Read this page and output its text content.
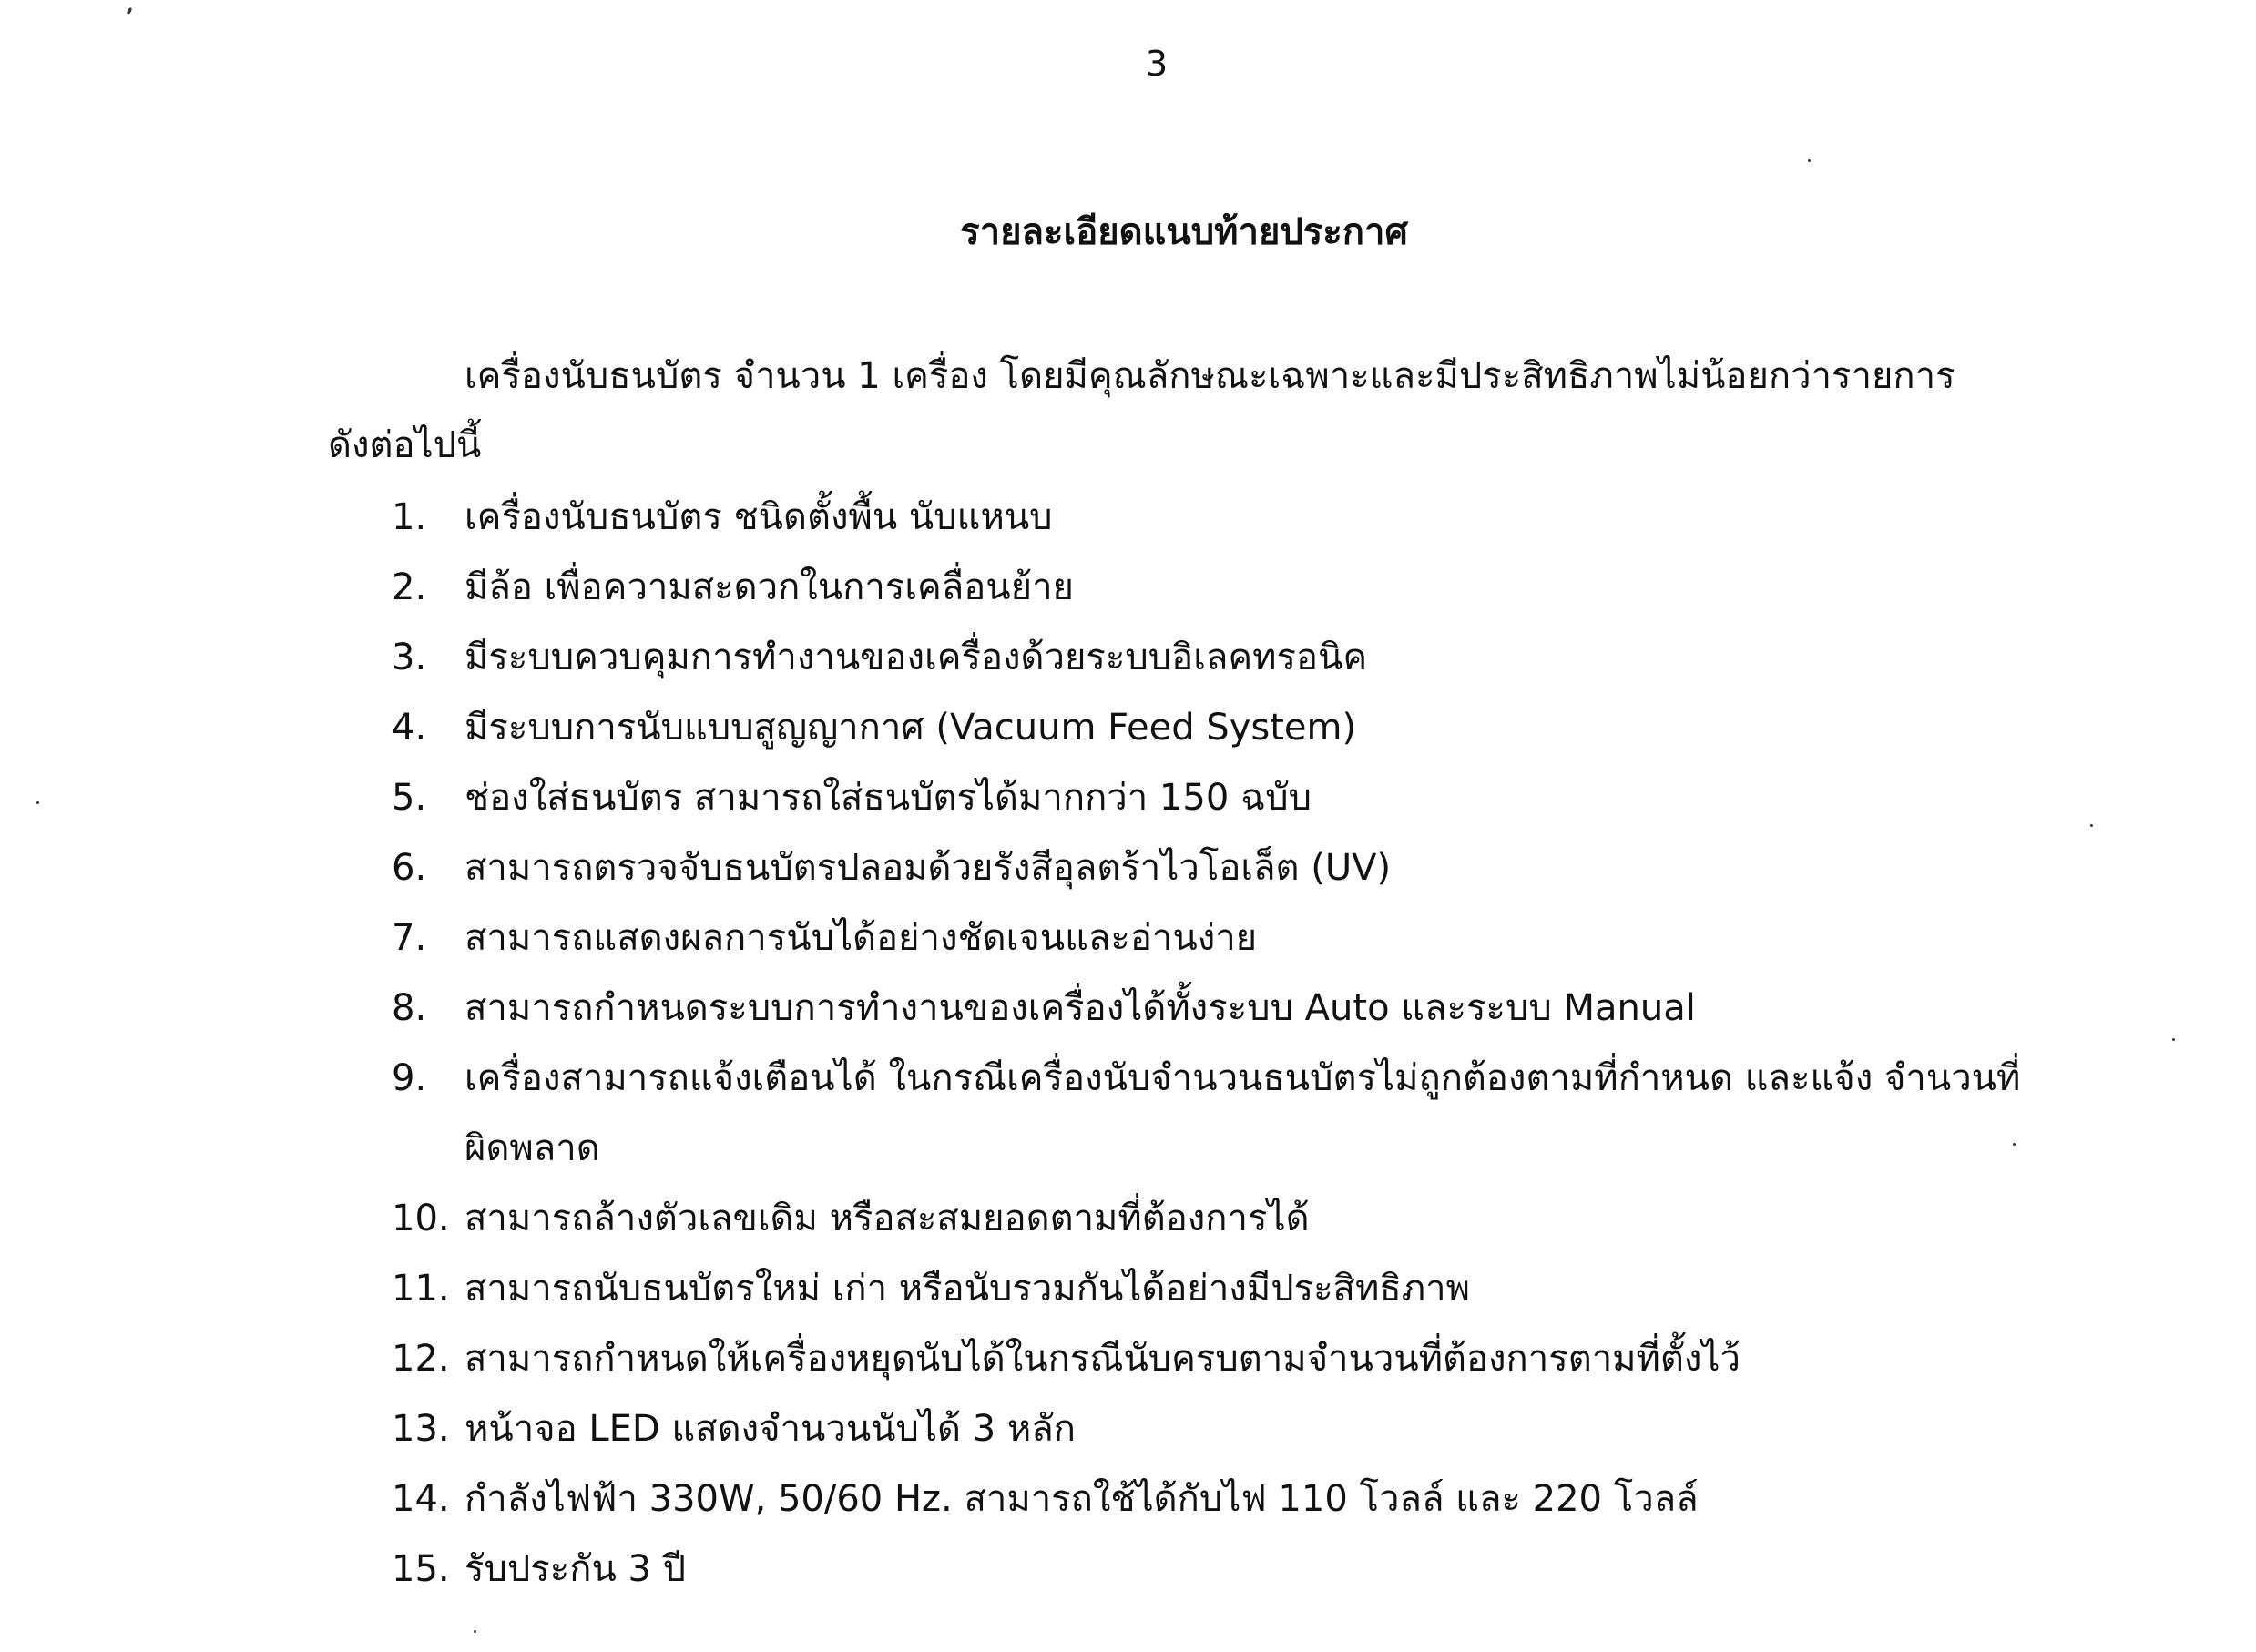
3
รายละเอียดแนบท้ายประกาศ
เครื่องนับธนบัตร จำนวน 1 เครื่อง โดยมีคุณลักษณะเฉพาะและมีประสิทธิภาพไม่น้อยกว่ารายการ
ดังต่อไปนี้
1.	เครื่องนับธนบัตร ชนิดตั้งพื้น นับแหนบ
2.	มีล้อ เพื่อความสะดวกในการเคลื่อนย้าย
3.	มีระบบควบคุมการทำงานของเครื่องด้วยระบบอิเลคทรอนิค
4.	มีระบบการนับแบบสูญญากาศ (Vacuum Feed System)
5.	ช่องใส่ธนบัตร สามารถใส่ธนบัตรได้มากกว่า 150 ฉบับ
6.	สามารถตรวจจับธนบัตรปลอมด้วยรังสีอุลตร้าไวโอเล็ต (UV)
7.	สามารถแสดงผลการนับได้อย่างชัดเจนและอ่านง่าย
8.	สามารถกำหนดระบบการทำงานของเครื่องได้ทั้งระบบ Auto และระบบ Manual
9.	เครื่องสามารถแจ้งเตือนได้ ในกรณีเครื่องนับจำนวนธนบัตรไม่ถูกต้องตามที่กำหนด และแจ้ง จำนวนที่ผิดพลาด
10. สามารถล้างตัวเลขเดิม หรือสะสมยอดตามที่ต้องการได้
11. สามารถนับธนบัตรใหม่ เก่า หรือนับรวมกันได้อย่างมีประสิทธิภาพ
12. สามารถกำหนดให้เครื่องหยุดนับได้ในกรณีนับครบตามจำนวนที่ต้องการตามที่ตั้งไว้
13. หน้าจอ LED แสดงจำนวนนับได้ 3 หลัก
14. กำลังไฟฟ้า 330W, 50/60 Hz. สามารถใช้ได้กับไฟ 110 โวลล์ และ 220 โวลล์
15. รับประกัน 3 ปี
